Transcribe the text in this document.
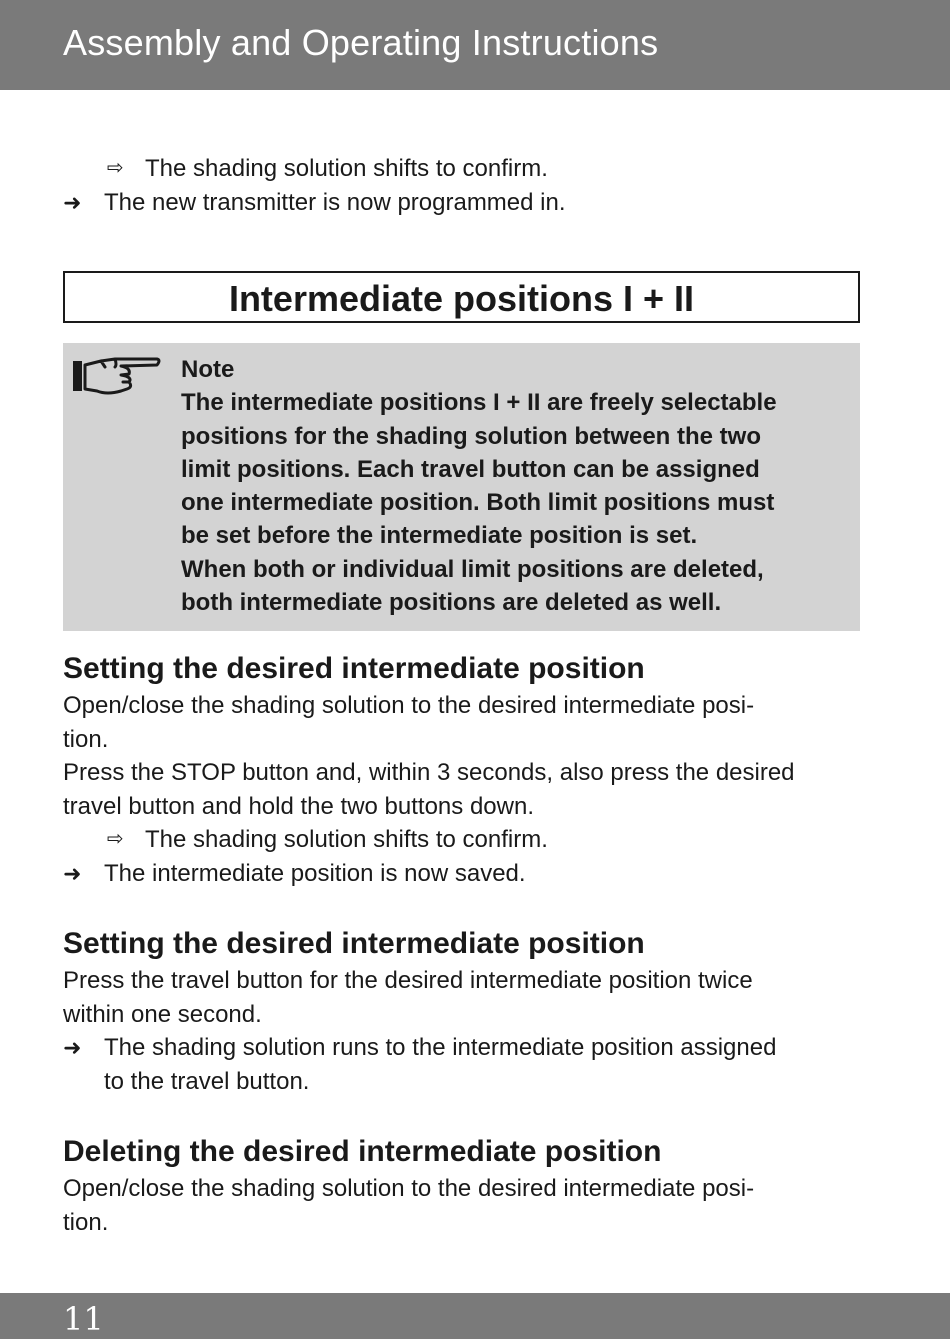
Assembly and Operating Instructions
⇨ The shading solution shifts to confirm.
➜ The new transmitter is now programmed in.
Intermediate positions I + II
Note
The intermediate positions I + II are freely selectable
positions for the shading solution between the two
limit positions. Each travel button can be assigned
one intermediate position. Both limit positions must
be set before the intermediate position is set.
When both or individual limit positions are deleted,
both intermediate positions are deleted as well.
Setting the desired intermediate position
Open/close the shading solution to the desired intermediate posi-
tion.
Press the STOP button and, within 3 seconds, also press the desired
travel button and hold the two buttons down.
⇨ The shading solution shifts to confirm.
➜ The intermediate position is now saved.
Setting the desired intermediate position
Press the travel button for the desired intermediate position twice
within one second.
➜ The shading solution runs to the intermediate position assigned
to the travel button.
Deleting the desired intermediate position
Open/close the shading solution to the desired intermediate posi-
tion.
11
